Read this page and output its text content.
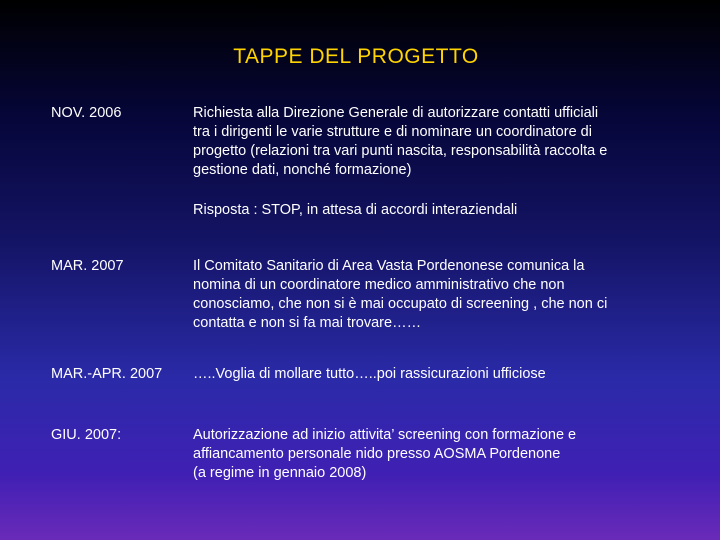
TAPPE DEL PROGETTO
NOV. 2006	Richiesta alla Direzione Generale di autorizzare contatti ufficiali
tra i dirigenti le varie strutture e di nominare un coordinatore di
progetto (relazioni tra vari punti nascita, responsabilità raccolta e
gestione dati, nonché formazione)
Risposta : STOP, in attesa di accordi interaziendali
MAR. 2007	Il Comitato Sanitario di Area Vasta Pordenonese comunica la
nomina di un coordinatore medico amministrativo che non
conosciamo, che non si è mai occupato di screening , che non ci
contatta e non si fa mai trovare……
MAR.-APR. 2007 …..Voglia di mollare tutto…..poi rassicurazioni ufficiose
GIU. 2007:	Autorizzazione ad inizio attivita’ screening con formazione e
affiancamento personale nido presso AOSMA Pordenone
(a regime in gennaio 2008)
